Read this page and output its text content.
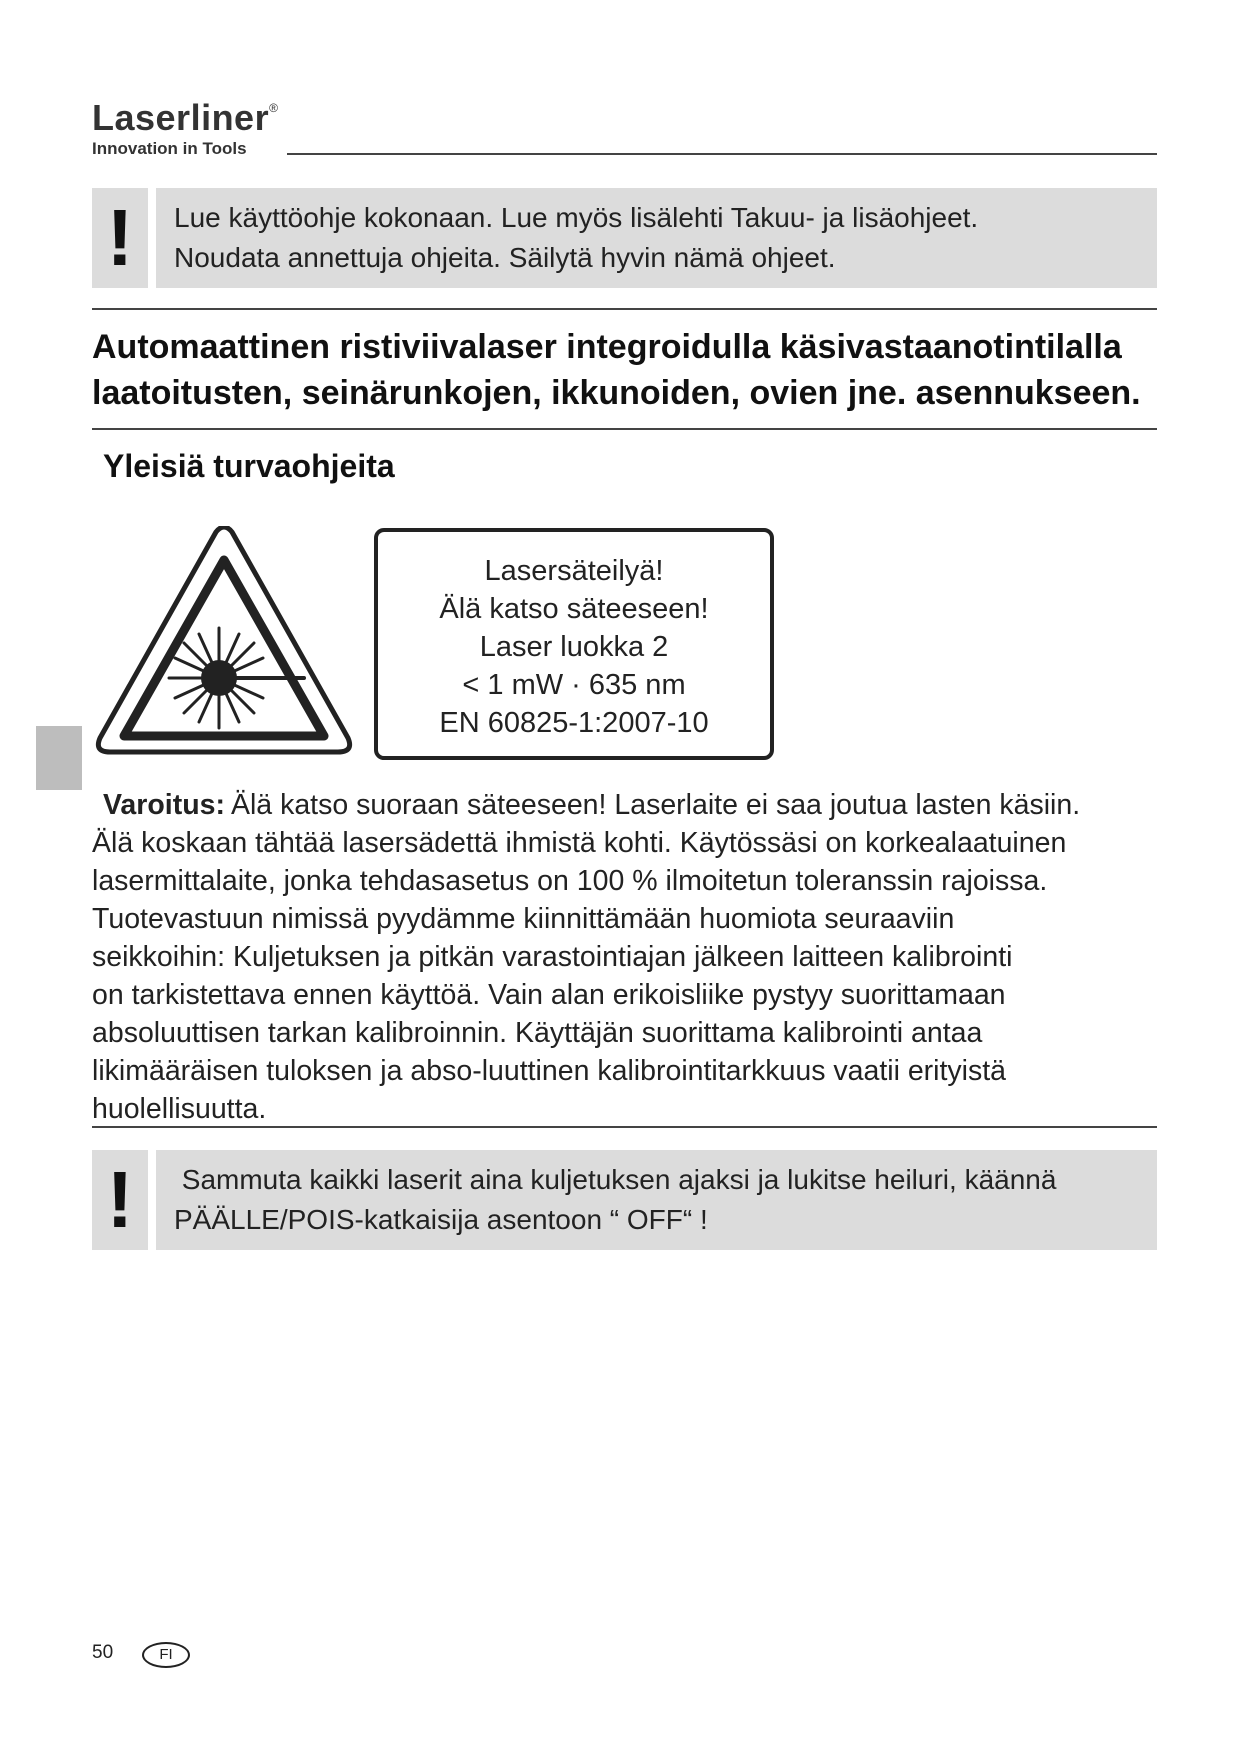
Laserliner®
Innovation in Tools
! Lue käyttöohje kokonaan. Lue myös lisälehti Takuu- ja lisäohjeet.
Noudata annettuja ohjeita. Säilytä hyvin nämä ohjeet.
Automaattinen ristiviivalaser integroidulla käsivastaanotintilalla
laatoitusten, seinärunkojen, ikkunoiden, ovien jne. asennukseen.
Yleisiä turvaohjeita
Lasersäteilyä!
Älä katso säteeseen!
Laser luokka 2
< 1 mW · 635 nm
EN 60825-1:2007-10
Varoitus: Älä katso suoraan säteeseen! Laserlaite ei saa joutua lasten käsiin.
Älä koskaan tähtää lasersädettä ihmistä kohti. Käytössäsi on korkealaatuinen
lasermittalaite, jonka tehdasasetus on 100 % ilmoitetun toleranssin rajoissa.
Tuotevastuun nimissä pyydämme kiinnittämään huomiota seuraaviin
seikkoihin: Kuljetuksen ja pitkän varastointiajan jälkeen laitteen kalibrointi
on tarkistettava ennen käyttöä. Vain alan erikoisliike pystyy suorittamaan
absoluuttisen tarkan kalibroinnin. Käyttäjän suorittama kalibrointi antaa
likimääräisen tuloksen ja abso-luuttinen kalibrointitarkkuus vaatii erityistä
huolellisuutta.
! Sammuta kaikki laserit aina kuljetuksen ajaksi ja lukitse heiluri, käännä
PÄÄLLE/POIS-katkaisija asentoon “ OFF“ !
50	FI
